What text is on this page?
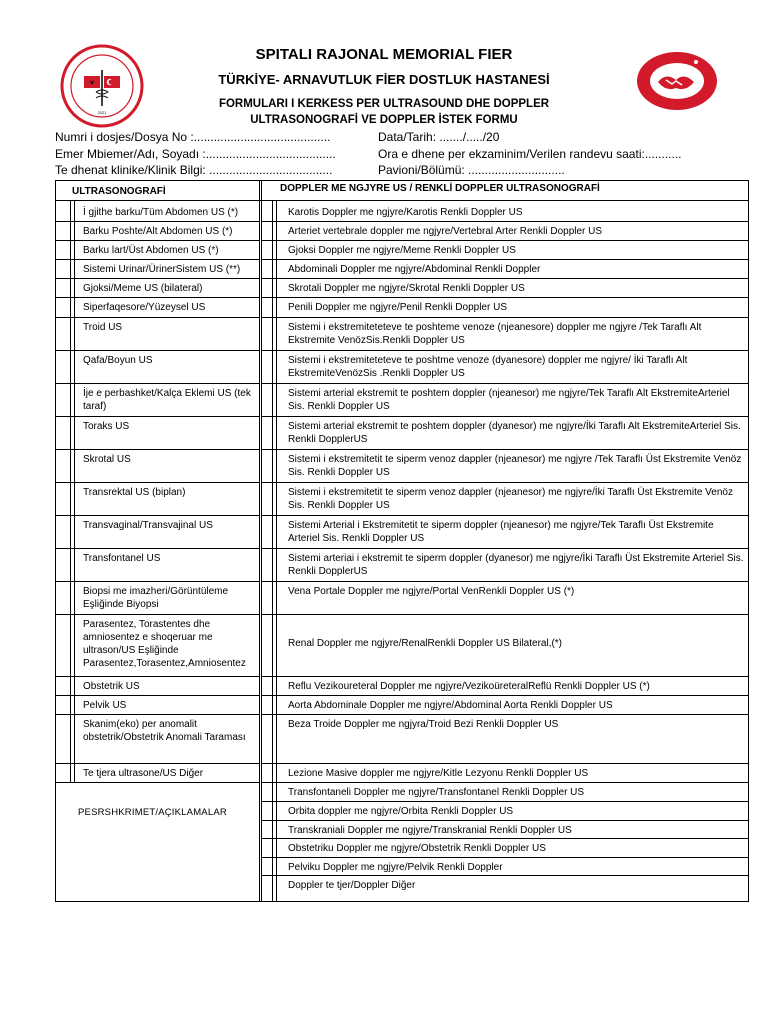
2021
SPITALI RAJONAL MEMORIAL FIER
TÜRKİYE- ARNAVUTLUK FİER DOSTLUK HASTANESİ
FORMULARI I KERKESS PER ULTRASOUND DHE DOPPLER
ULTRASONOGRAFİ VE DOPPLER İSTEK FORMU
Numri i dosjes/Dosya No :.........................................
Emer Mbiemer/Adı, Soyadı :.......................................
Te dhenat klinike/Klinik Bilgi: .....................................
Data/Tarih: ......./...../20
Ora e dhene per ekzaminim/Verilen randevu saati:...........
Pavioni/Bölümü: .............................
ULTRASONOGRAFİ	DOPPLER ME NGJYRE US / RENKLİ DOPPLER ULTRASONOGRAFİ
İ gjithe barku/Tüm Abdomen US (*)
Barku Poshte/Alt Abdomen US (*)
Barku lart/Üst Abdomen US (*)
Sistemi Urinar/ÜrinerSistem US (**)
Gjoksi/Meme US (bilateral)
Siperfaqesore/Yüzeysel US
Troid US
Qafa/Boyun US
İje e perbashket/Kalça Eklemi US (tek taraf)
Toraks US
Skrotal US
Transrektal US (biplan)
Transvaginal/Transvajinal US
Transfontanel US
Biopsi me imazheri/Görüntüleme Eşliğinde Biyopsi
Parasentez, Torastentes dhe amniosentez e shoqeruar me ultrason/US Eşliğinde Parasentez,Torasentez,Amniosentez
Obstetrik US
Pelvik US
Skanim(eko) per anomalit obstetrik/Obstetrik Anomali Taraması
Te tjera ultrasone/US Diğer
Karotis Doppler me ngjyre/Karotis Renkli Doppler US
Arteriet vertebrale doppler me ngjyre/Vertebral Arter Renkli Doppler US
Gjoksi Doppler me ngjyre/Meme Renkli Doppler US
Abdominali Doppler me ngjyre/Abdominal Renkli Doppler
Skrotali Doppler me ngjyre/Skrotal Renkli Doppler US
Penili Doppler me ngjyre/Penil Renkli Doppler US
Sistemi i ekstremiteteteve te poshteme venoze (njeanesore) doppler me ngjyre /Tek Taraflı Alt Ekstremite VenözSis.Renkli Doppler US
Sistemi i ekstremiteteteve te poshtme venoze (dyanesore) doppler me ngjyre/ İki Taraflı Alt EkstremiteVenözSis .Renkli Doppler US
Sistemi arterial ekstremit te poshtem doppler (njeanesor) me ngjyre/Tek Taraflı Alt EkstremiteArteriel Sis. Renkli Doppler US
Sistemi arterial ekstremit te poshtem doppler (dyanesor) me ngjyre/İki Taraflı Alt EkstremiteArteriel Sis. Renkli DopplerUS
Sistemi i ekstremitetit te siperm venoz dappler (njeanesor) me ngjyre /Tek Taraflı Üst Ekstremite Venöz Sis. Renkli Doppler US
Sistemi i ekstremitetit te siperm venoz dappler (njeanesor) me ngjyre/İki Taraflı Üst Ekstremite Venöz Sis. Renkli Doppler US
Sistemi Arterial i Ekstremitetit te siperm doppler (njeanesor) me ngjyre/Tek Taraflı Üst Ekstremite Arteriel Sis. Renkli Doppler US
Sistemi arteriai i ekstremit te siperm doppler (dyanesor) me ngjyre/İki Taraflı Üst Ekstremite Arteriel Sis. Renkli DopplerUS
Vena Portale Doppler me ngjyre/Portal VenRenkli Doppler US (*)
Renal Doppler me ngjyre/RenalRenkli Doppler US Bilateral,(*)
Reflu Vezikoureteral Doppler me ngjyre/VezikoüreteralReflü Renkli Doppler US (*)
Aorta Abdominale Doppler me ngjyre/Abdominal Aorta Renkli Doppler US
Beza Troide Doppler me ngjyra/Troid Bezi Renkli Doppler US
Lezione Masive doppler me ngjyre/Kitle Lezyonu Renkli Doppler US
Transfontaneli Doppler me ngjyre/Transfontanel Renkli Doppler US
Orbita doppler me ngjyre/Orbita Renkli Doppler US
Transkraniali Doppler me ngjyre/Transkranial Renkli Doppler US
Obstetriku Doppler me ngjyre/Obstetrik Renkli Doppler US
Pelviku Doppler me ngjyre/Pelvik Renkli Doppler
Doppler te tjer/Doppler Diğer
PESRSHKRIMET/AÇIKLAMALAR
